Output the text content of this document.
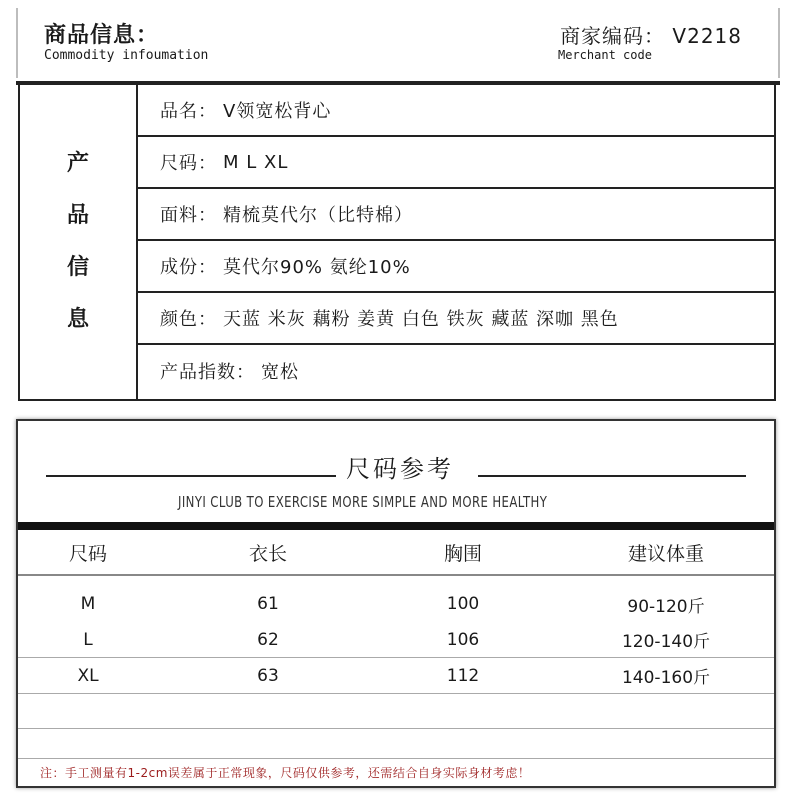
商品信息：
Commodity infoumation
商家编码： V2218
Merchant code
产
品
信
息
品名： V领宽松背心
尺码： M L XL
面料： 精梳莫代尔（比特棉）
成份： 莫代尔90% 氨纶10%
颜色： 天蓝 米灰 藕粉 姜黄 白色 铁灰 藏蓝 深咖 黑色
产品指数： 宽松
尺码参考
JINYI CLUB TO EXERCISE MORE SIMPLE AND MORE HEALTHY
尺码	衣长	胸围	建议体重
M	61	100	90-120斤
L	62	106	120-140斤
XL	63	112	140-160斤
注：手工测量有1-2cm误差属于正常现象，尺码仅供参考，还需结合自身实际身材考虑！
